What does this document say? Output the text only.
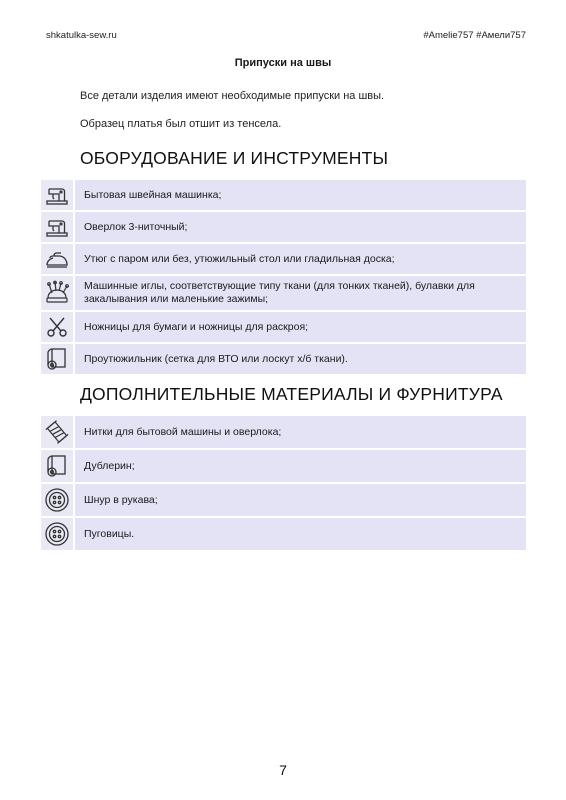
shkatulka-sew.ru	#Amelie757 #Амели757
Припуски на швы
Все детали изделия имеют необходимые припуски на швы.
Образец платья был отшит из тенсела.
ОБОРУДОВАНИЕ И ИНСТРУМЕНТЫ
Бытовая швейная машинка;
Оверлок 3-ниточный;
Утюг с паром или без, утюжильный стол или гладильная доска;
Машинные иглы, соответствующие типу ткани (для тонких тканей), булавки для закалывания или маленькие зажимы;
Ножницы для бумаги и ножницы для раскроя;
Проутюжильник (сетка для ВТО или лоскут х/б ткани).
ДОПОЛНИТЕЛЬНЫЕ МАТЕРИАЛЫ И ФУРНИТУРА
Нитки для бытовой машины и оверлока;
Дублерин;
Шнур в рукава;
Пуговицы.
7
